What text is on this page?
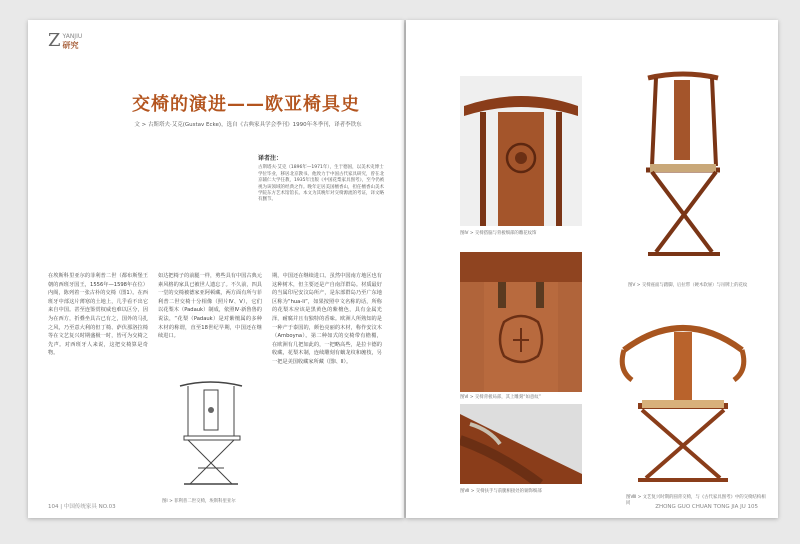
Z YANJIU
研究
交椅的演进——欧亚椅具史
文 > 古斯塔夫·艾克(Gustav Ecke)，选自《古典家具学会季刊》1990年冬季刊，译者李铁东
译者注：
古斯塔夫·艾克（1896年—1971年），生于德国，以美术史博士学位毕业，移居北京教书。他致力于中国古代家具研究，曾在北京辅仁大学任教，1935年出版《中国花梨家具图考》，至今仍被视为该领域的经典之作。晚年定居美国檀香山，担任檀香山美术学院东方艺术馆馆长。本文为其晚年对交椅源流的考证，译文略有删节。
在埃斯科里亚尔的菲利普二世（都布斯堡王朝的西班牙国王，1556年—1598年在位）内阁，陈列着一张古朴的交椅（图1）。在西班牙中部这片薄寒的土地上，几乎看不出它来自中国。甚至连鉴赏权威也难以区分，因为在西方，折叠坐具古已有之，国外的马扎之风，乃至意大利的但丁椅、萨伏那洛拉椅等在文艺复兴时期盛极一时，皆可为交椅之先声。对西班牙人来说，这把交椅算是奇物。
如达把椅子的前腿一样，剪些具有中国古典元素风格的家具已被世人遗忘了。不久前，四具一堂的交椅被德家亚阿顿藏，两方面有所与菲利普二世交椅十分相像（照片Ⅳ、Ⅴ），它们以花梨木（Padauk）制成，依照Ⅳ·新鲁鲁的说法，“花梨（Padauk）是对紫檀属的多种木材的称谓，直至18世纪早期，中国还在继续进口。
期，中国还在继续进口。虽然中国南方地区也有这种树木，但主要还是产自南洋群岛。材质最好的当属印尼安汶岛所产，是东部群岛乃至广东地区称为“hua-li”，如果按照中文名称的话，所称的花梨木应该是黑黄色的紫檀色，具有金属光泽，耐腐并且有独特的香味。欧洲人所熟知的是一种产于泰国的，颜色亮丽的木材，称作安汶木（Amboyna）。第二种如式的交椅带有檐楣，在欧洲有几把如此的，一把略高些，是拉卡德的收藏，花梨木制，连续雕刻有螭龙纹和缠枝，另一把是美国收藏家所藏（图Ⅰ、Ⅱ）。
图Ⅰ > 菲利普二世交椅，埃斯科里亚尔
104 | 中国传统家具 NO.03
图Ⅳ > 交椅搭脑与背板细部的雕花纹饰
图Ⅴ > 交椅座面与踏脚，后拉带（硬木软屉）与吊牌上的花纹
图Ⅵ > 交椅背板局部，其上雕刻“如意纹”
图Ⅶ > 交椅扶手与前腿相接处的铜饰细部
图Ⅷ > 文艺复兴时期的圆背交椅，与《古代家具图考》中的交椅结构相同
ZHONG GUO CHUAN TONG JIA JU 105
